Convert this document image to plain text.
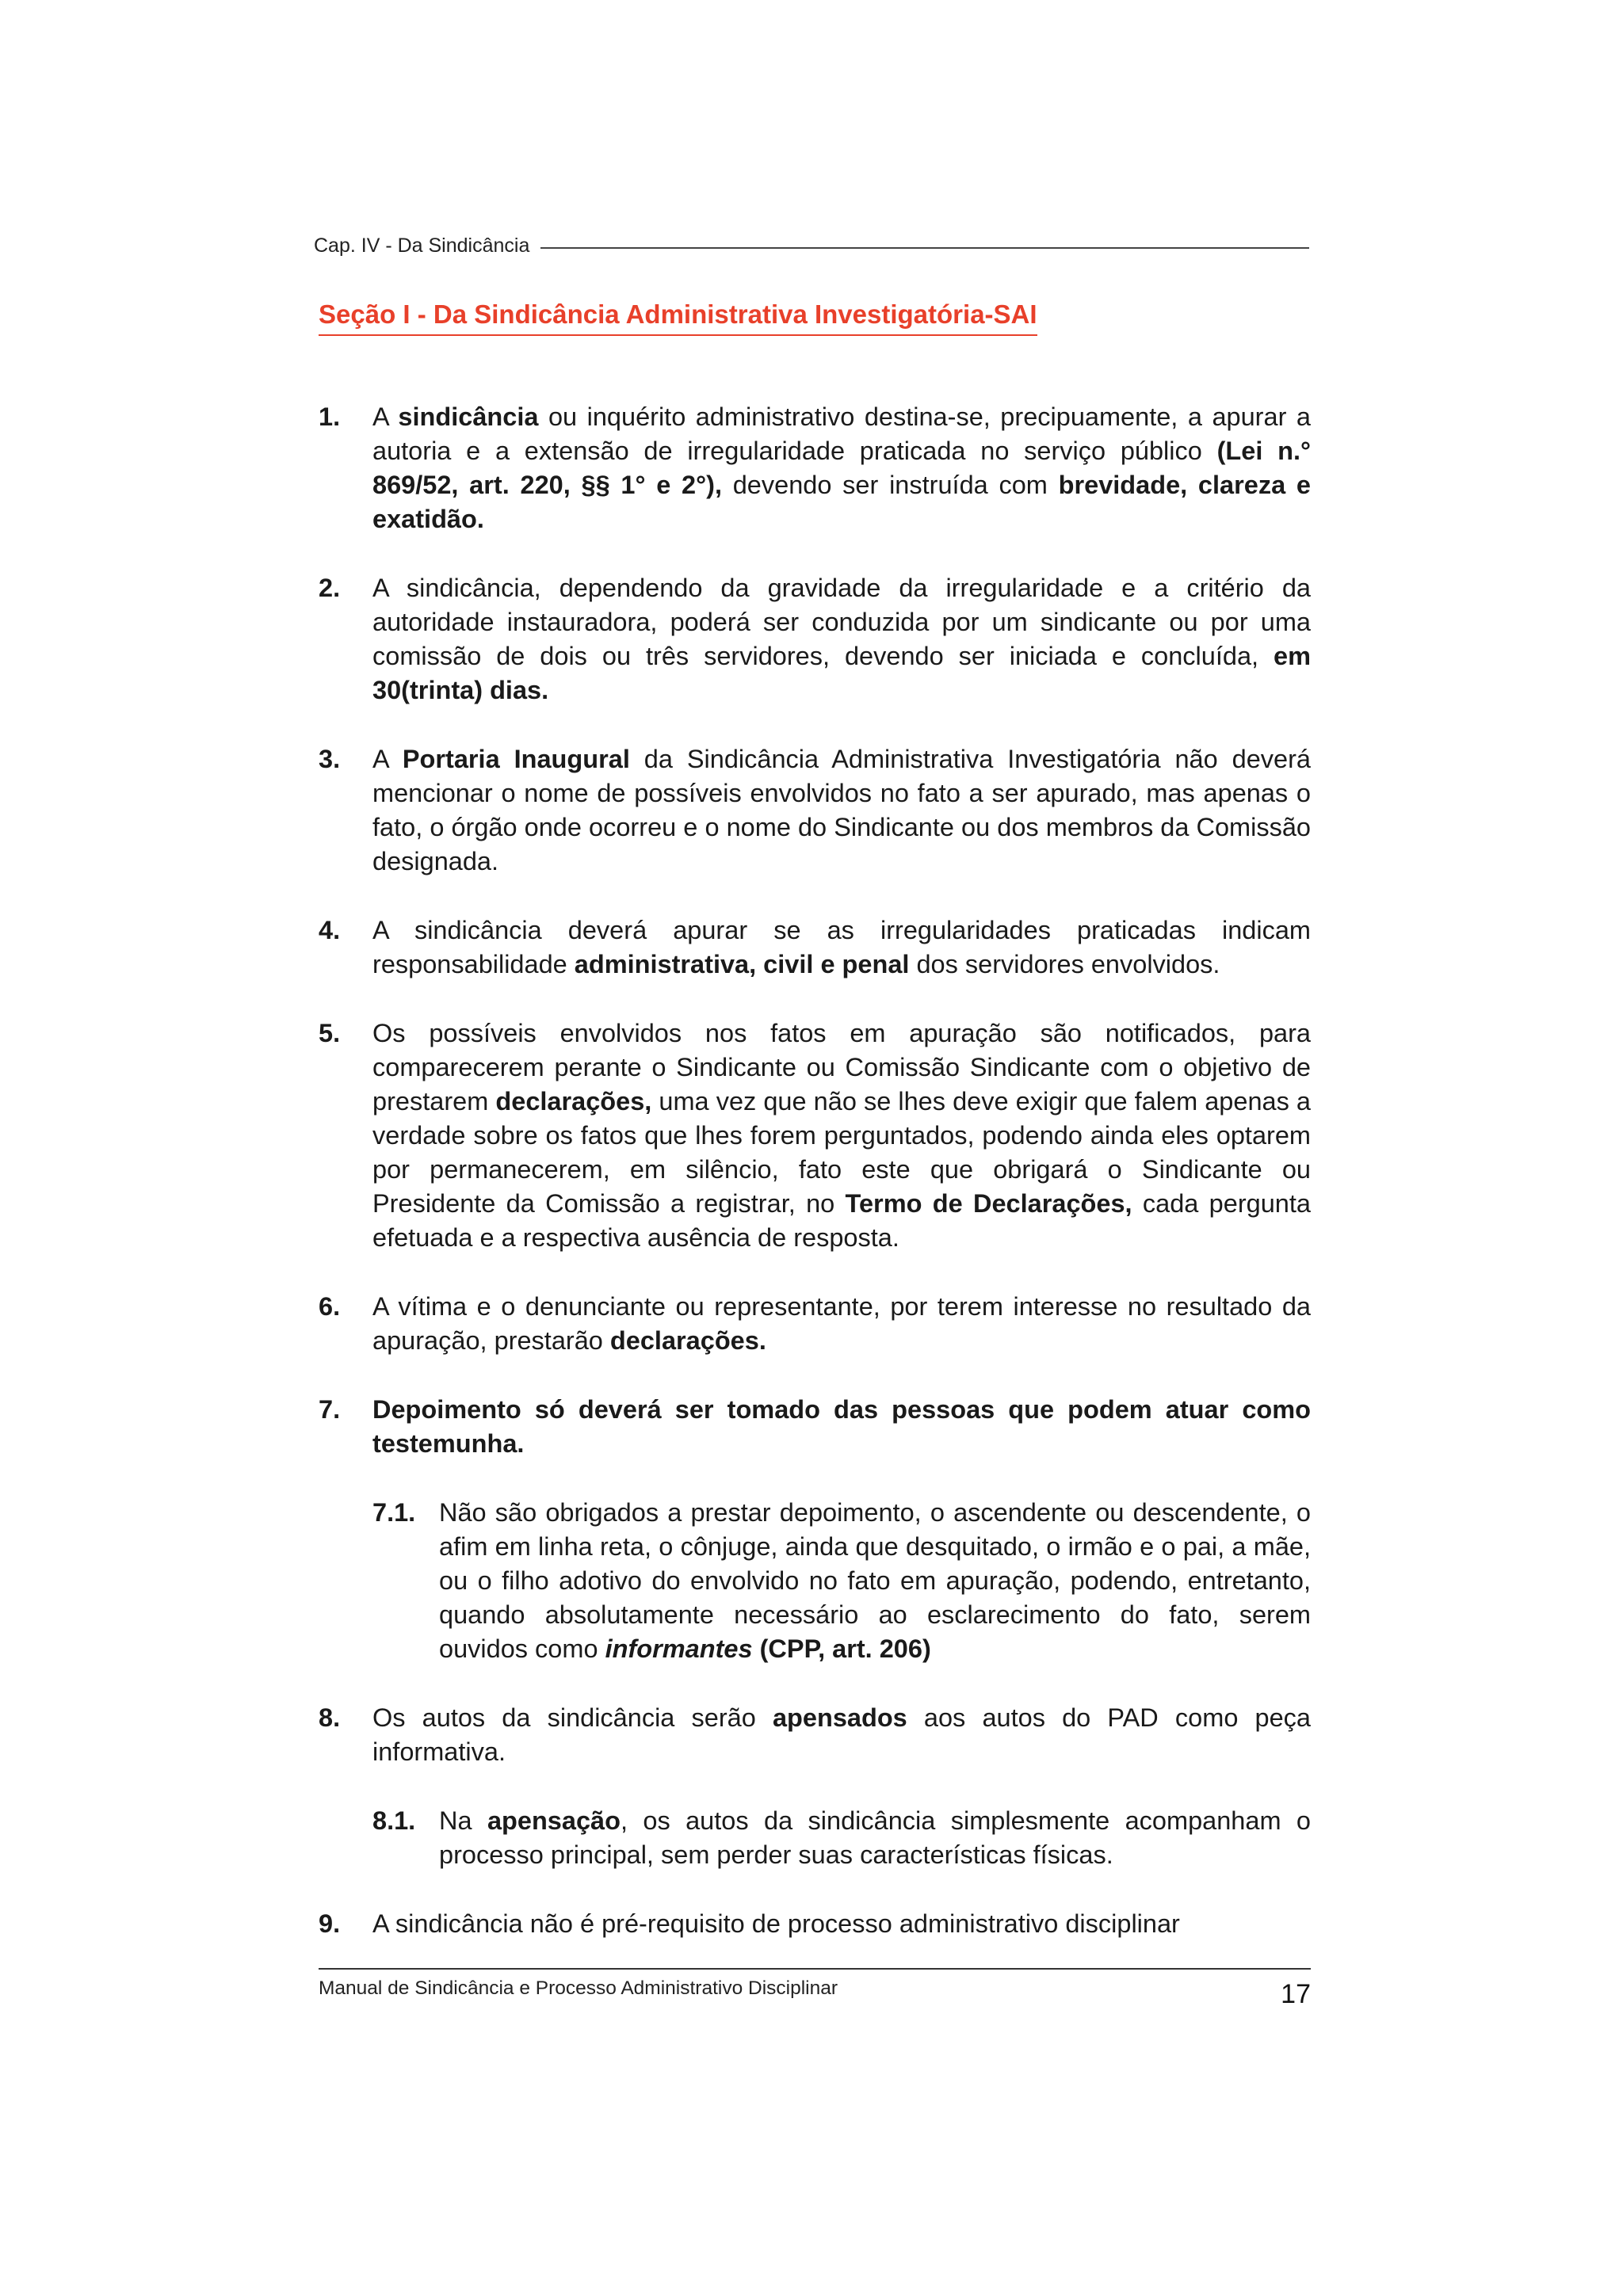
Cap. IV - Da Sindicância
Seção I - Da Sindicância Administrativa Investigatória-SAI
1.	A sindicância ou inquérito administrativo destina-se, precipuamente, a apurar a autoria e a extensão de irregularidade praticada no serviço público (Lei n.° 869/52, art. 220, §§ 1° e 2°), devendo ser instruída com brevidade, clareza e exatidão.
2.	A sindicância, dependendo da gravidade da irregularidade e a critério da autoridade instauradora, poderá ser conduzida por um sindicante ou por uma comissão de dois ou três servidores, devendo ser iniciada e concluída, em 30(trinta) dias.
3.	A Portaria Inaugural da Sindicância Administrativa Investigatória não deverá mencionar o nome de possíveis envolvidos no fato a ser apurado, mas apenas o fato, o órgão onde ocorreu e o nome do Sindicante ou dos membros da Comissão designada.
4.	A sindicância deverá apurar se as irregularidades praticadas indicam responsabilidade administrativa, civil e penal dos servidores envolvidos.
5.	Os possíveis envolvidos nos fatos em apuração são notificados, para comparecerem perante o Sindicante ou Comissão Sindicante com o objetivo de prestarem declarações, uma vez que não se lhes deve exigir que falem apenas a verdade sobre os fatos que lhes forem perguntados, podendo ainda eles optarem por permanecerem, em silêncio, fato este que obrigará o Sindicante ou Presidente da Comissão a registrar, no Termo de Declarações, cada pergunta efetuada e a respectiva ausência de resposta.
6.	A vítima e o denunciante ou representante, por terem interesse no resultado da apuração, prestarão declarações.
7.	Depoimento só deverá ser tomado das pessoas que podem atuar como testemunha.
7.1. Não são obrigados a prestar depoimento, o ascendente ou descendente, o afim em linha reta, o cônjuge, ainda que desquitado, o irmão e o pai, a mãe, ou o filho adotivo do envolvido no fato em apuração, podendo, entretanto, quando absolutamente necessário ao esclarecimento do fato, serem ouvidos como informantes (CPP, art. 206)
8.	Os autos da sindicância serão apensados aos autos do PAD como peça informativa.
8.1. Na apensação, os autos da sindicância simplesmente acompanham o processo principal, sem perder suas características físicas.
9.	A sindicância não é pré-requisito de processo administrativo disciplinar
Manual de Sindicância e Processo Administrativo Disciplinar	17
